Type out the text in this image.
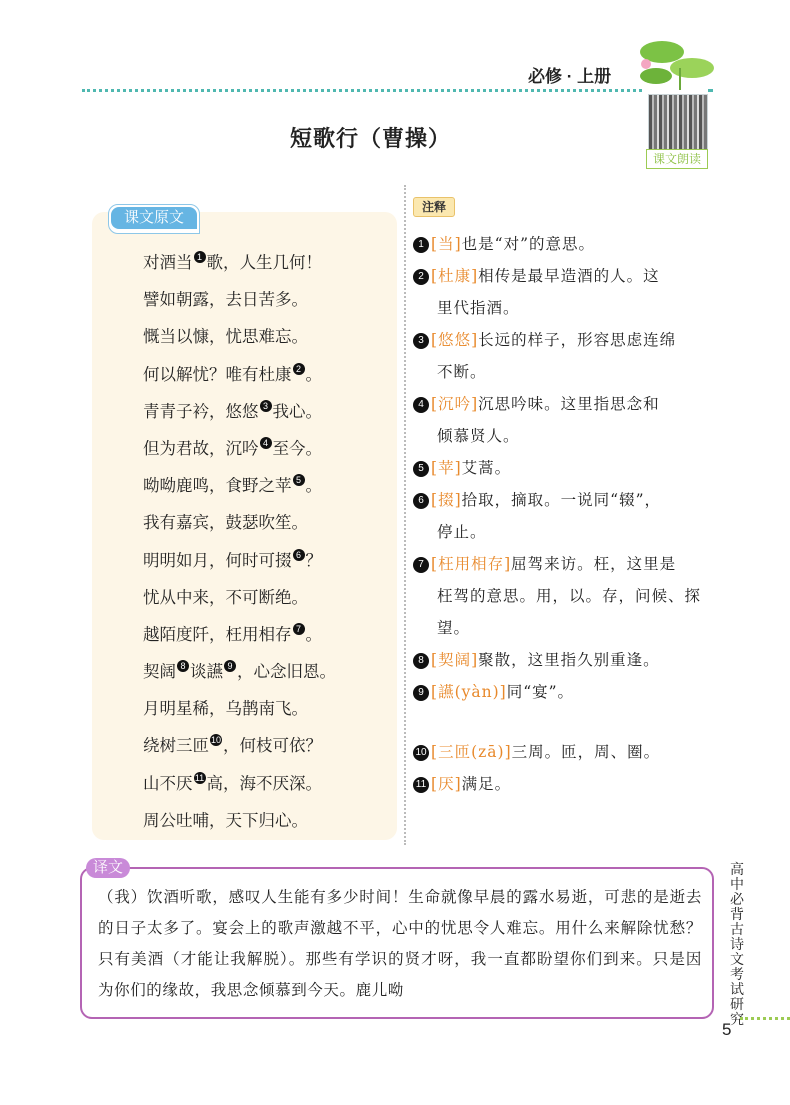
必修 · 上册
课文朗读
短歌行（曹操）
课文原文
对酒当 1 歌，人生几何！
譬如朝露，去日苦多。
慨当以慷，忧思难忘。
何以解忧？唯有杜康 2 。
青青子衿，悠悠 3 我心。
但为君故，沉吟 4 至今。
呦呦鹿鸣，食野之苹 5 。
我有嘉宾，鼓瑟吹笙。
明明如月，何时可掇 6 ？
忧从中来，不可断绝。
越陌度阡，枉用相存 7 。
契阔 8 谈讌 9 ，心念旧恩。
月明星稀，乌鹊南飞。
绕树三匝 10 ，何枝可依？
山不厌 11 高，海不厌深。
周公吐哺，天下归心。
注释
1 [当]也是“对”的意思。
2 [杜康]相传是最早造酒的人。这
里代指酒。
3 [悠悠]长远的样子，形容思虑连绵
不断。
4 [沉吟]沉思吟味。这里指思念和
倾慕贤人。
5 [苹]艾蒿。
6 [掇]拾取，摘取。一说同“辍”，
停止。
7 [枉用相存]屈驾来访。枉，这里是
枉驾的意思。用，以。存，问候、探望。
8 [契阔]聚散，这里指久别重逢。
9 [讌(yàn)]同“宴”。
10 [三匝(zā)]三周。匝，周、圈。
11 [厌]满足。
译文
（我）饮酒听歌，感叹人生能有多少时间！生命就像早晨的露水易逝，可悲的是逝去的日子太多了。宴会上的歌声激越不平，心中的忧思令人难忘。用什么来解除忧愁？只有美酒（才能让我解脱）。那些有学识的贤才呀，我一直都盼望你们到来。只是因为你们的缘故，我思念倾慕到今天。鹿儿呦
高中必背古诗文考试研究
5
